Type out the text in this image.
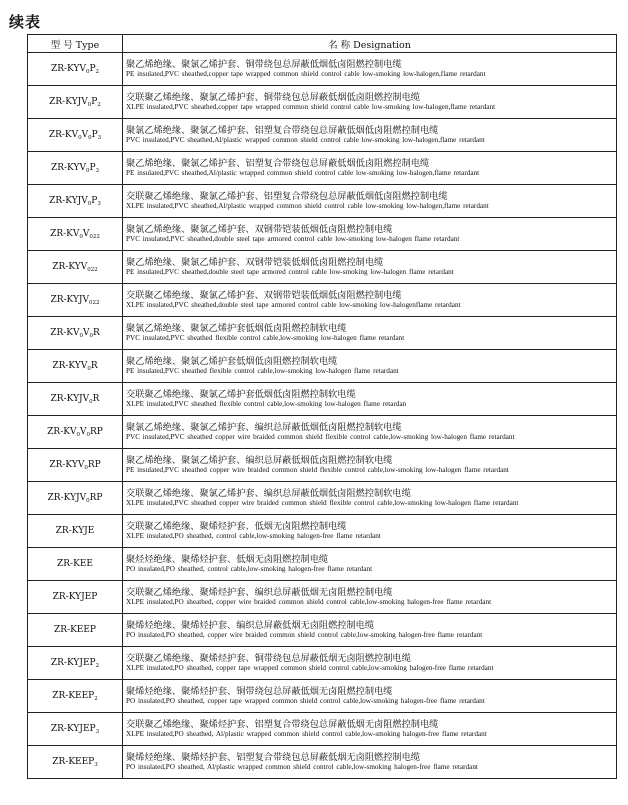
续表
型 号 Type	名 称 Designation
$ZR-KYV_0P_2$	聚乙烯绝缘、聚氯乙烯护套、铜带绕包总屏蔽低烟低卤阻燃控制电缆
PE insulated,PVC sheathed,copper tape wrapped common shield control cable low-smoking low-halogen,flame retardant

$ZR-KYJV_0P_2$	交联聚乙烯绝缘、聚氯乙烯护套、铜带绕包总屏蔽低烟低卤阻燃控制电缆
XLPE insulated,PVC sheathed,copper tape wrapped common shield control cable low-smoking low-halogen,flame retardant

$ZR-KV_0V_0P_3$	聚氯乙烯绝缘、聚氯乙烯护套、铝塑复合带绕包总屏蔽低烟低卤阻燃控制电缆
PVC insulated,PVC sheathed,Al/plastic wrapped common shield control cable low-smoking low-halogen,flame retardant

$ZR-KYV_0P_3$	聚乙烯绝缘、聚氯乙烯护套、铝塑复合带绕包总屏蔽低烟低卤阻燃控制电缆
PE insulated,PVC sheathed,Al/plastic wrapped common shield control cable low-smoking low-halogen,flame retardant

$ZR-KYJV_0P_3$	交联聚乙烯绝缘、聚氯乙烯护套、铝塑复合带绕包总屏蔽低烟低卤阻燃控制电缆
XLPE insulated,PVC sheathed,Al/plastic wrapped common shield control cable low-smoking low-halogen,flame retardant

$ZR-KV_0V_{022}$	聚氯乙烯绝缘、聚氯乙烯护套、双钢带铠装低烟低卤阻燃控制电缆
PVC insulated,PVC sheathed,double steel tape armored control cable low-smoking low-halogen flame retardant

$ZR-KYV_{022}$	聚乙烯绝缘、聚氯乙烯护套、双钢带铠装低烟低卤阻燃控制电缆
PE insulated,PVC sheathed,double steel tape armored control cable low-smoking low-halogen flame retardant

$ZR-KYJV_{022}$	交联聚乙烯绝缘、聚氯乙烯护套、双钢带铠装低烟低卤阻燃控制电缆
XLPE insulated,PVC sheathed,double steel tape armored control cable low-smoking low-halogenflame retardant

$ZR-KV_0V_0R$	聚氯乙烯绝缘、聚氯乙烯护套低烟低卤阻燃控制软电缆
PVC insulated,PVC sheathed flexible control cable,low-smoking low-halogen flame retardant

$ZR-KYV_0R$	聚乙烯绝缘、聚氯乙烯护套低烟低卤阻燃控制软电缆
PE insulated,PVC sheathed flexible control cable,low-smoking low-halogen flame retardant

$ZR-KYJV_0R$	交联聚乙烯绝缘、聚氯乙烯护套低烟低卤阻燃控制软电缆
XLPE insulated,PVC sheathed flexible control cable,low-smoking low-halogen flame retardan

$ZR-KV_0V_0RP$	聚氯乙烯绝缘、聚氯乙烯护套、编织总屏蔽低烟低卤阻燃控制软电缆
PVC insulated,PVC sheathed copper wire braided common shield flexible control cable,low-smoking low-halogen flame retardant

$ZR-KYV_0RP$	聚乙烯绝缘、聚氯乙烯护套、编织总屏蔽低烟低卤阻燃控制软电缆
PE insulated,PVC sheathed copper wire braided common shield flexible control cable,low-smoking low-halogen flame retardant

$ZR-KYJV_0RP$	交联聚乙烯绝缘、聚氯乙烯护套、编织总屏蔽低烟低卤阻燃控制软电缆
XLPE insulated,PVC sheathed copper wire braided common shield flexible control cable,low-smoking low-halogen flame retardant

ZR-KYJE	交联聚乙烯绝缘、聚烯烃护套、低烟无卤阻燃控制电缆
XLPE insulated,PO sheathed, control cable,low-smoking halogen-free flame retardant

ZR-KEE	聚烃烃绝缘、聚烯烃护套、低烟无卤阻燃控制电缆
PO insulated,PO sheathed, control cable,low-smoking halogen-free flame retardant

ZR-KYJEP	交联聚乙烯绝缘、聚烯烃护套、编织总屏蔽低烟无卤阻燃控制电缆
XLPE insulated,PO sheathed, copper wire braided common shield control cable,low-smoking halogen-free flame retardant

ZR-KEEP	聚烯烃绝缘、聚烯烃护套、编织总屏蔽低烟无卤阻燃控制电缆
PO insulated,PO sheathed, copper wire braided common shield control cable,low-smoking halogen-free flame retardant

$ZR-KYJEP_2$	交联聚乙烯绝缘、聚烯烃护套、铜带绕包总屏蔽低烟无卤阻燃控制电缆
XLPE insulated,PO sheathed, copper tape wrapped common shield control cable,low-smoking halogen-free flame retardant

$ZR-KEEP_2$	聚烯烃绝缘、聚烯烃护套、铜带绕包总屏蔽低烟无卤阻燃控制电缆
PO insulated,PO sheathed, copper tape wrapped common shield control cable,low-smoking halogen-free flame retardant

$ZR-KYJEP_3$	交联聚乙烯绝缘、聚烯烃护套、铝塑复合带绕包总屏蔽低烟无卤阻燃控制电缆
XLPE insulated,PO sheathed, Al/plastic wrapped common shield control cable,low-smoking halogen-free flame retardant

$ZR-KEEP_3$	聚烯烃绝缘、聚烯烃护套、铝塑复合带绕包总屏蔽低烟无卤阻燃控制电缆
PO insulated,PO sheathed, Al/plastic wrapped common shield control cable,low-smoking halogen-free flame retardant
